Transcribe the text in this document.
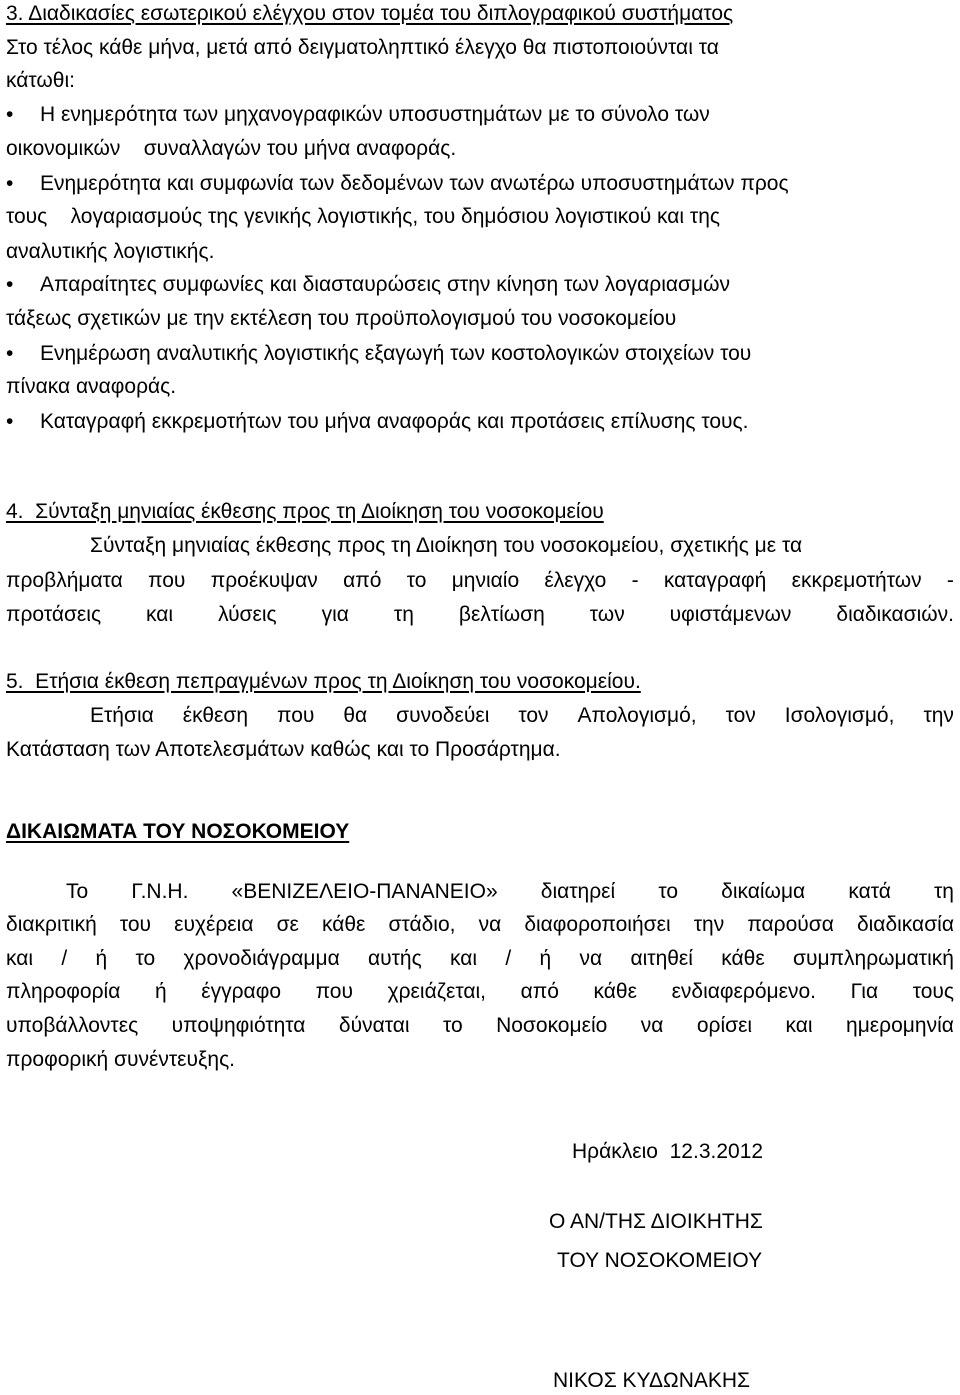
3. Διαδικασίες εσωτερικού ελέγχου στον τομέα του διπλογραφικού συστήματος
Στο τέλος κάθε μήνα, μετά από δειγματοληπτικό έλεγχο θα πιστοποιούνται τα
κάτωθι:
• Η ενημερότητα των μηχανογραφικών υποσυστημάτων με το σύνολο των
οικονομικών    συναλλαγών του μήνα αναφοράς.
• Ενημερότητα και συμφωνία των δεδομένων των ανωτέρω υποσυστημάτων προς
τους    λογαριασμούς της γενικής λογιστικής, του δημόσιου λογιστικού και της
αναλυτικής λογιστικής.
• Απαραίτητες συμφωνίες και διασταυρώσεις στην κίνηση των λογαριασμών
τάξεως σχετικών με την εκτέλεση του προϋπολογισμού του νοσοκομείου
• Ενημέρωση αναλυτικής λογιστικής εξαγωγή των κοστολογικών στοιχείων του
πίνακα αναφοράς.
• Καταγραφή εκκρεμοτήτων του μήνα αναφοράς και προτάσεις επίλυσης τους.
4.  Σύνταξη μηνιαίας έκθεσης προς τη Διοίκηση του νοσοκομείου
Σύνταξη μηνιαίας έκθεσης προς τη Διοίκηση του νοσοκομείου, σχετικής με τα
προβλήματα που προέκυψαν από το μηνιαίο έλεγχο - καταγραφή εκκρεμοτήτων -
προτάσεις και λύσεις για τη βελτίωση των υφιστάμενων διαδικασιών.
5.  Ετήσια έκθεση πεπραγμένων προς τη Διοίκηση του νοσοκομείου.
Ετήσια έκθεση που θα συνοδεύει τον Απολογισμό, τον Ισολογισμό, την
Κατάσταση των Αποτελεσμάτων καθώς και το Προσάρτημα.
ΔΙΚΑΙΩΜΑΤΑ ΤΟΥ ΝΟΣΟΚΟΜΕΙΟΥ
Το Γ.Ν.Η. «ΒΕΝΙΖΕΛΕΙΟ-ΠΑΝΑΝΕΙΟ» διατηρεί το δικαίωμα κατά τη
διακριτική του ευχέρεια σε κάθε στάδιο, να διαφοροποιήσει την παρούσα διαδικασία
και / ή το χρονοδιάγραμμα αυτής και / ή να αιτηθεί κάθε συμπληρωματική
πληροφορία ή έγγραφο που χρειάζεται, από κάθε ενδιαφερόμενο. Για τους
υποβάλλοντες υποψηφιότητα δύναται το Νοσοκομείο να ορίσει και ημερομηνία
προφορική συνέντευξης.
Ηράκλειο  12.3.2012
Ο ΑΝ/ΤΗΣ ΔΙΟΙΚΗΤΗΣ
ΤΟΥ ΝΟΣΟΚΟΜΕΙΟΥ
ΝΙΚΟΣ ΚΥΔΩΝΑΚΗΣ
